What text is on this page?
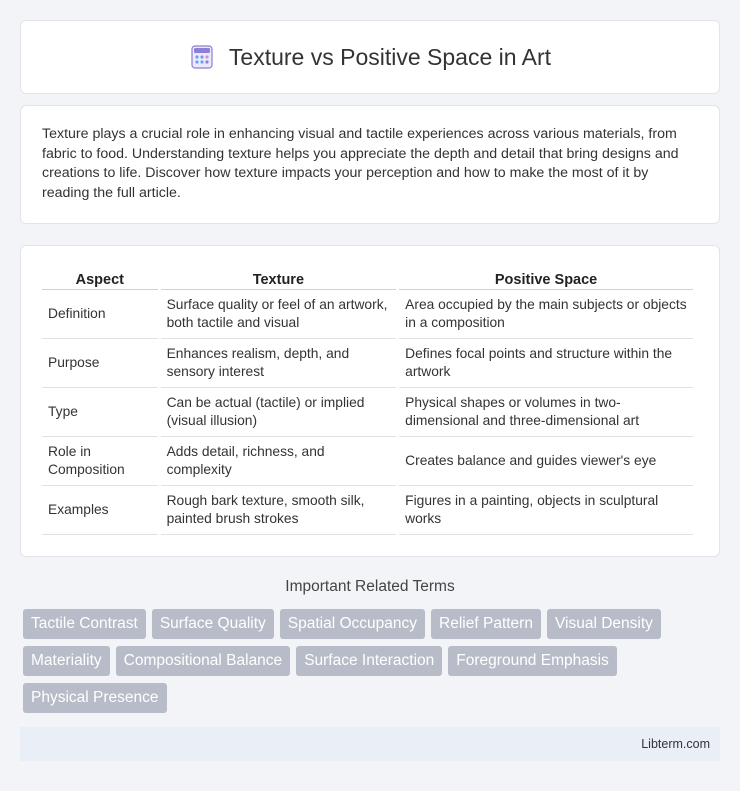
Texture vs Positive Space in Art

Texture plays a crucial role in enhancing visual and tactile experiences across various materials, from fabric to food. Understanding texture helps you appreciate the depth and detail that bring designs and creations to life. Discover how texture impacts your perception and how to make the most of it by reading the full article.

Aspect	Texture	Positive Space
Definition	Surface quality or feel of an artwork, both tactile and visual	Area occupied by the main subjects or objects in a composition
Purpose	Enhances realism, depth, and sensory interest	Defines focal points and structure within the artwork
Type	Can be actual (tactile) or implied (visual illusion)	Physical shapes or volumes in two-dimensional and three-dimensional art
Role in Composition	Adds detail, richness, and complexity	Creates balance and guides viewer's eye
Examples	Rough bark texture, smooth silk, painted brush strokes	Figures in a painting, objects in sculptural works
Important Related Terms
Tactile Contrast	Surface Quality	Spatial Occupancy	Relief Pattern	Visual Density
Materiality	Compositional Balance	Surface Interaction	Foreground Emphasis
Physical Presence
Libterm.com
